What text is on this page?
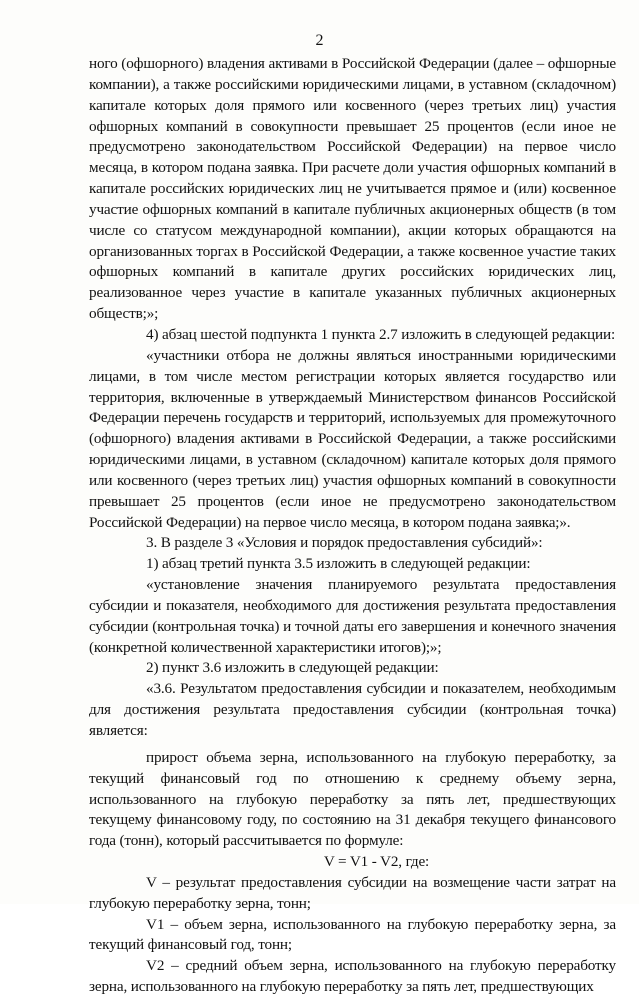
2

ного (офшорного) владения активами в Российской Федерации (далее – офшорные компании), а также российскими юридическими лицами, в уставном (складочном) капитале которых доля прямого или косвенного (через третьих лиц) участия офшорных компаний в совокупности превышает 25 процентов (если иное не предусмотрено законодательством Российской Федерации) на первое число месяца, в котором подана заявка. При расчете доли участия офшорных компаний в капитале российских юридических лиц не учитывается прямое и (или) косвенное участие офшорных компаний в капитале публичных акционерных обществ (в том числе со статусом международной компании), акции которых обращаются на организованных торгах в Российской Федерации, а также косвенное участие таких офшорных компаний в капитале других российских юридических лиц, реализованное через участие в капитале указанных публичных акционерных обществ;»;

4) абзац шестой подпункта 1 пункта 2.7 изложить в следующей редакции:

«участники отбора не должны являться иностранными юридическими лицами, в том числе местом регистрации которых является государство или территория, включенные в утверждаемый Министерством финансов Российской Федерации перечень государств и территорий, используемых для промежуточного (офшорного) владения активами в Российской Федерации, а также российскими юридическими лицами, в уставном (складочном) капитале которых доля прямого или косвенного (через третьих лиц) участия офшорных компаний в совокупности превышает 25 процентов (если иное не предусмотрено законодательством Российской Федерации) на первое число месяца, в котором подана заявка;».

3. В разделе 3 «Условия и порядок предоставления субсидий»:

1) абзац третий пункта 3.5 изложить в следующей редакции:

«установление значения планируемого результата предоставления субсидии и показателя, необходимого для достижения результата предоставления субсидии (контрольная точка) и точной даты его завершения и конечного значения (конкретной количественной характеристики итогов);»;

2) пункт 3.6 изложить в следующей редакции:

«3.6. Результатом предоставления субсидии и показателем, необходимым для достижения результата предоставления субсидии (контрольная точка) является:

прирост объема зерна, использованного на глубокую переработку, за текущий финансовый год по отношению к среднему объему зерна, использованного на глубокую переработку за пять лет, предшествующих текущему финансовому году, по состоянию на 31 декабря текущего финансового года (тонн), который рассчитывается по формуле:

V = V1 - V2, где:

V – результат предоставления субсидии на возмещение части затрат на глубокую переработку зерна, тонн;

V1 – объем зерна, использованного на глубокую переработку зерна, за текущий финансовый год, тонн;

V2 – средний объем зерна, использованного на глубокую переработку зерна, использованного на глубокую переработку за пять лет, предшествующих
